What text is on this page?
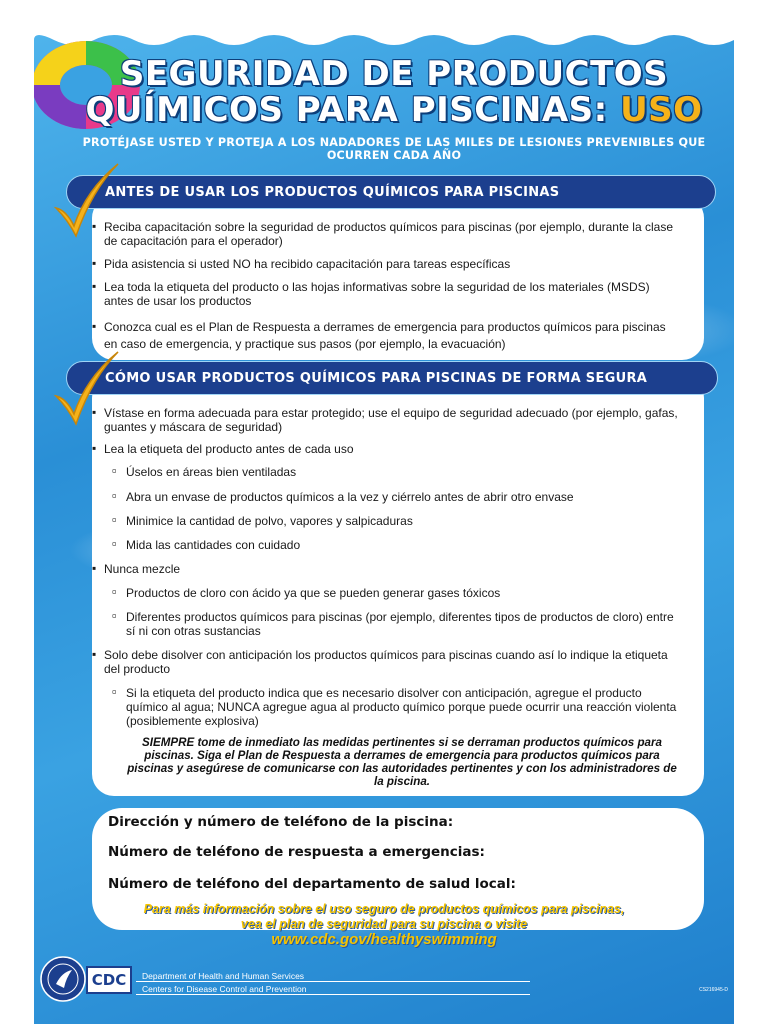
SEGURIDAD DE PRODUCTOS
QUÍMICOS PARA PISCINAS: USO
PROTÉJASE USTED Y PROTEJA A LOS NADADORES DE LAS MILES DE LESIONES PREVENIBLES QUE OCURREN CADA AÑO
▪ Reciba capacitación sobre la seguridad de productos químicos para piscinas (por ejemplo, durante la clase de capacitación para el operador)
▪ Pida asistencia si usted NO ha recibido capacitación para tareas específicas
▪ Lea toda la etiqueta del producto o las hojas informativas sobre la seguridad de los materiales (MSDS) antes de usar los productos
▪ Conozca cual es el Plan de Respuesta a derrames de emergencia para productos químicos para piscinas en caso de emergencia, y practique sus pasos (por ejemplo, la evacuación)
ANTES DE USAR LOS PRODUCTOS QUÍMICOS PARA PISCINAS
▪ Vístase en forma adecuada para estar protegido; use el equipo de seguridad adecuado (por ejemplo, gafas, guantes y máscara de seguridad)
▪ Lea la etiqueta del producto antes de cada uso
▫ Úselos en áreas bien ventiladas
▫ Abra un envase de productos químicos a la vez y ciérrelo antes de abrir otro envase
▫ Minimice la cantidad de polvo, vapores y salpicaduras
▫ Mida las cantidades con cuidado
▪ Nunca mezcle
▫ Productos de cloro con ácido ya que se pueden generar gases tóxicos
▫ Diferentes productos químicos para piscinas (por ejemplo, diferentes tipos de productos de cloro) entre sí ni con otras sustancias
▪ Solo debe disolver con anticipación los productos químicos para piscinas cuando así lo indique la etiqueta del producto
▫ Si la etiqueta del producto indica que es necesario disolver con anticipación, agregue el producto químico al agua; NUNCA agregue agua al producto químico porque puede ocurrir una reacción violenta (posiblemente explosiva)
SIEMPRE tome de inmediato las medidas pertinentes si se derraman productos químicos para piscinas. Siga el Plan de Respuesta a derrames de emergencia para productos químicos para piscinas y asegúrese de comunicarse con las autoridades pertinentes y con los administradores de la piscina.
CÓMO USAR PRODUCTOS QUÍMICOS PARA PISCINAS DE FORMA SEGURA
Dirección y número de teléfono de la piscina:
Número de teléfono de respuesta a emergencias:
Número de teléfono del departamento de salud local:
Para más información sobre el uso seguro de productos químicos para piscinas,
vea el plan de seguridad para su piscina o visite
www.cdc.gov/healthyswimming
CDC	Department of Health and Human Services
Centers for Disease Control and Prevention	CS216945-D
